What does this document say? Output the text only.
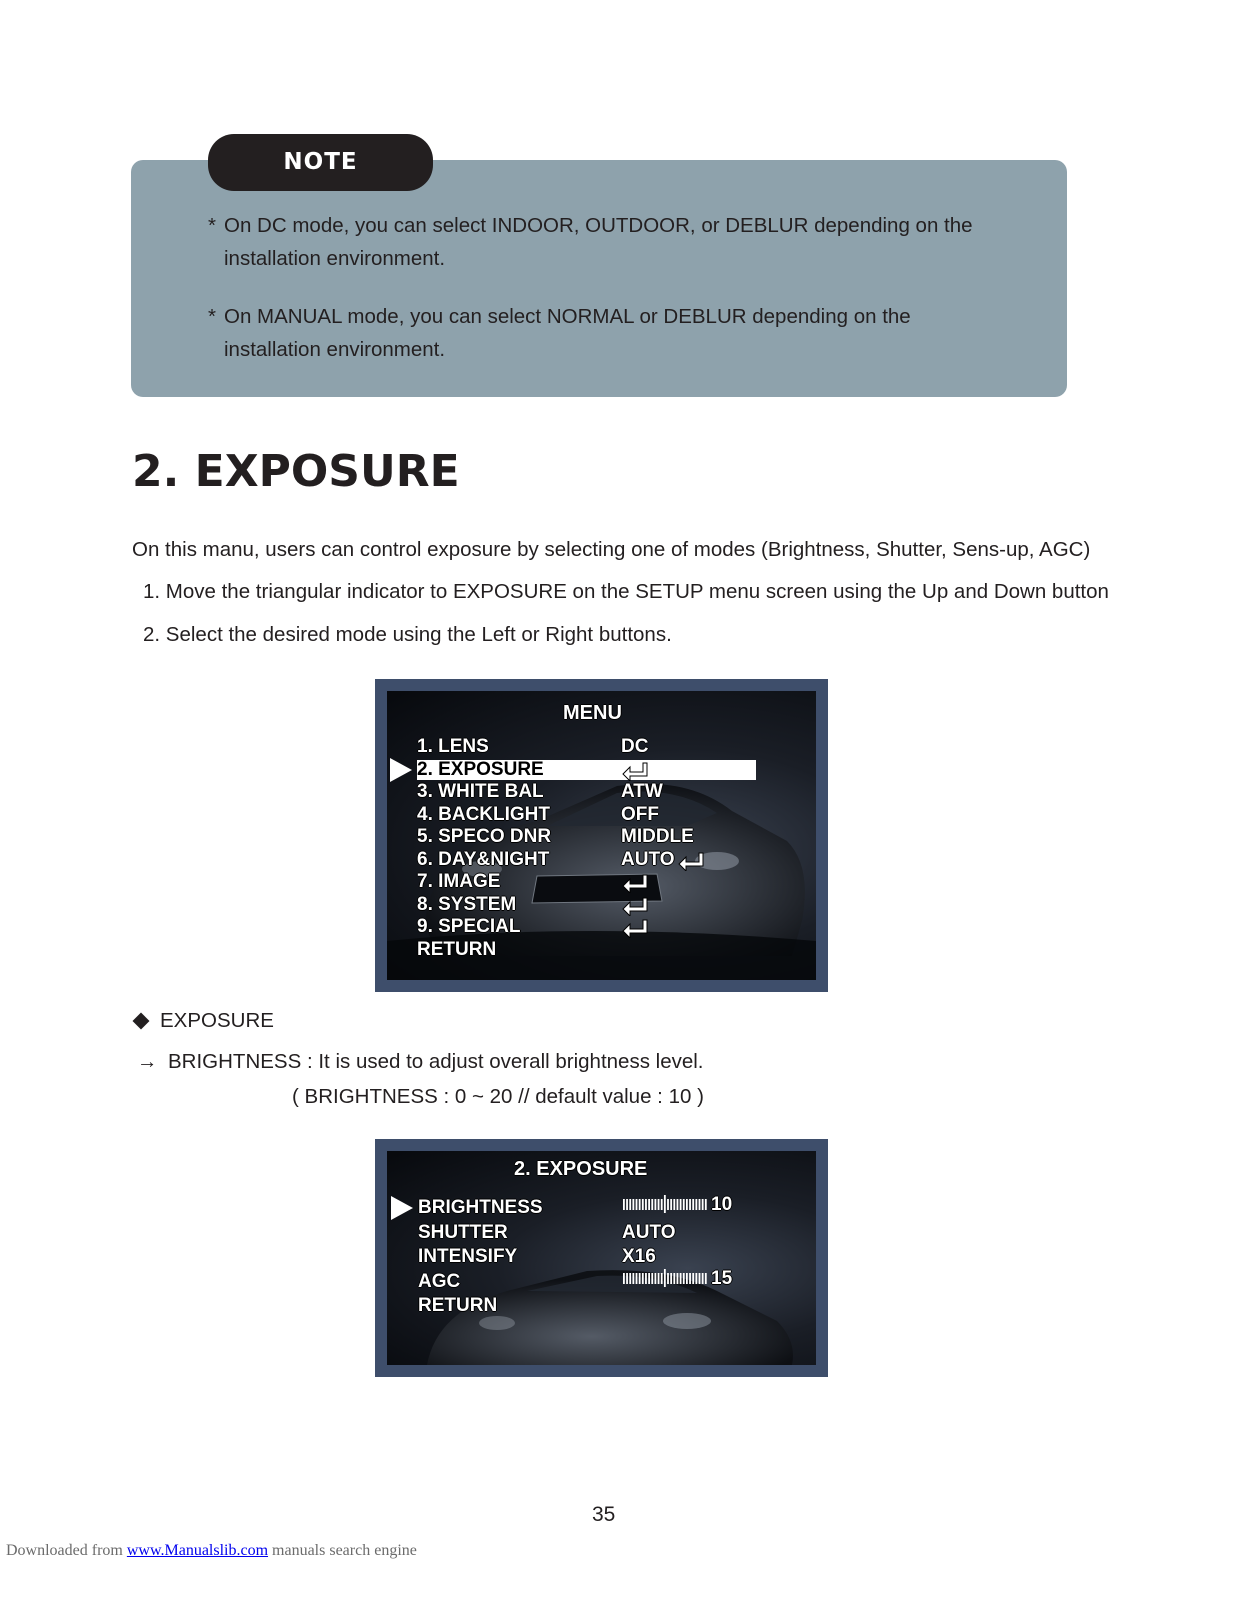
NOTE
* On DC mode, you can select INDOOR, OUTDOOR, or DEBLUR depending on the
installation environment.
* On MANUAL mode, you can select NORMAL or DEBLUR depending on the
installation environment.
2. EXPOSURE
On this manu, users can control exposure by selecting one of modes (Brightness, Shutter, Sens-up, AGC)
1. Move the triangular indicator to EXPOSURE on the SETUP menu screen using the Up and Down button
2. Select the desired mode using the Left or Right buttons.
MENU
1. LENS	DC
2. EXPOSURE
3. WHITE BAL	ATW
4. BACKLIGHT	OFF
5. SPECO DNR	MIDDLE
6. DAY&NIGHT	AUTO
7. IMAGE
8. SYSTEM
9. SPECIAL
RETURN
EXPOSURE
→ BRIGHTNESS : It is used to adjust overall brightness level.
( BRIGHTNESS : 0 ~ 20 // default value : 10 )
2. EXPOSURE
BRIGHTNESS	10
SHUTTER	AUTO
INTENSIFY	X16
AGC	15
RETURN
35
Downloaded from www.Manualslib.com manuals search engine
